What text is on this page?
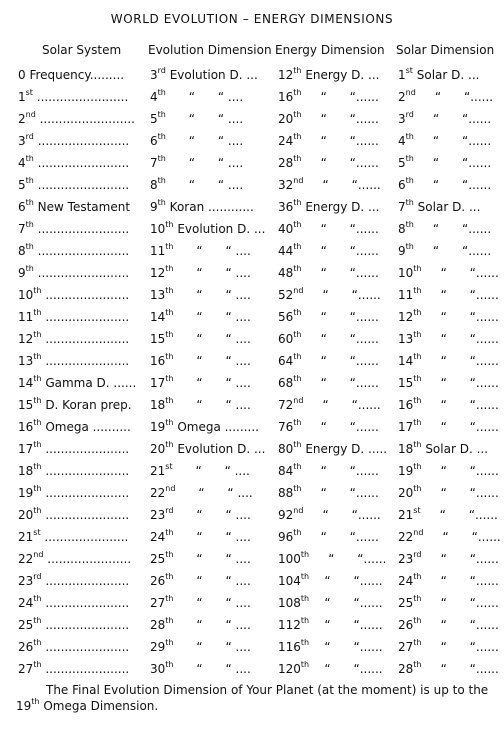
WORLD EVOLUTION – ENERGY DIMENSIONS
Solar System Evolution Dimension Energy Dimension Solar Dimension
0 Frequency.........	3rd Evolution D. ... 12th Energy D. ... 1st Solar D. ...
1st ........................ 4th      “      “ ....	16th     “      “...... 2nd     “      “......
2nd ......................... 5th      “      “ ....	20th     “      “...... 3rd     “      “......
3rd ........................ 6th      “      “ ....	24th     “      “...... 4th     “      “......
4th ........................ 7th      “      “ ....	28th     “      “...... 5th     “      “......
5th ........................ 8th      “      “ ....	32nd     “      “...... 6th     “      “......
6th New Testament 9th Koran ............	36th Energy D. ... 7th Solar D. ...
7th ........................ 10th Evolution D. ... 40th     “      “...... 8th     “      “......
8th ........................ 11th      “      “ ....	44th     “      “...... 9th     “      “......
9th ........................ 12th      “      “ ....	48th     “      “...... 10th     “      “......
10th ...................... 13th      “      “ ....	52nd     “      “...... 11th     “      “......
11th ...................... 14th      “      “ ....	56th     “      “...... 12th     “      “......
12th ...................... 15th      “      “ ....	60th     “      “...... 13th     “      “......
13th ...................... 16th      “      “ ....	64th     “      “...... 14th     “      “......
14th Gamma D. ...... 17th      “      “ ....	68th     “      “...... 15th     “      “......
15th D. Koran prep. 18th      “      “ ....	72nd     “      “...... 16th     “      “......
16th Omega .......... 19th Omega ......... 76th     “      “...... 17th     “      “......
17th ...................... 20th Evolution D. ... 80th Energy D. ..... 18th Solar D. ...
18th ...................... 21st      “      “ ....	84th     “      “...... 19th     “      “......
19th ...................... 22nd      “      “ ....	88th     “      “...... 20th     “      “......
20th ...................... 23rd      “      “ ....	92nd     “      “...... 21st     “      “......
21st ...................... 24th      “      “ ....	96th     “      “...... 22nd     “      “......
22nd ...................... 25th      “      “ ....	100th     “      “...... 23rd     “      “......
23rd ...................... 26th      “      “ ....	104th    “      “...... 24th     “      “......
24th ...................... 27th      “      “ ....	108th    “      “...... 25th     “      “......
25th ...................... 28th      “      “ ....	112th    “      “...... 26th     “      “......
26th ...................... 29th      “      “ ....	116th    “      “...... 27th     “      “......
27th ...................... 30th      “      “ ....	120th    “      “...... 28th     “      “......
The Final Evolution Dimension of Your Planet (at the moment) is up to the 19th Omega Dimension.
